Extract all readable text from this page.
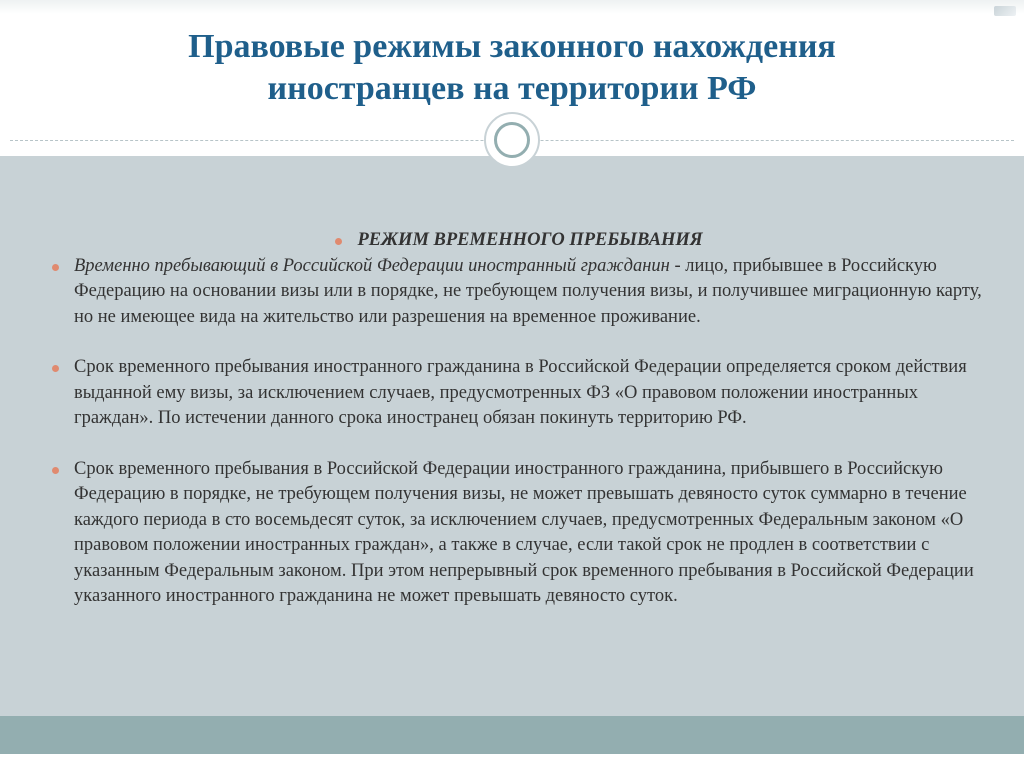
Правовые режимы законного нахождения
иностранцев на территории РФ
РЕЖИМ ВРЕМЕННОГО ПРЕБЫВАНИЯ
Временно пребывающий в Российской Федерации иностранный гражданин - лицо, прибывшее в Российскую Федерацию на основании визы или в порядке, не требующем получения визы, и получившее миграционную карту, но не имеющее вида на жительство или разрешения на временное проживание.
Срок временного пребывания иностранного гражданина в Российской Федерации определяется сроком действия выданной ему визы, за исключением случаев, предусмотренных ФЗ «О правовом положении иностранных граждан». По истечении данного срока иностранец обязан покинуть территорию РФ.
Срок временного пребывания в Российской Федерации иностранного гражданина, прибывшего в Российскую Федерацию в порядке, не требующем получения визы, не может превышать девяносто суток суммарно в течение каждого периода в сто восемьдесят суток, за исключением случаев, предусмотренных Федеральным законом «О правовом положении иностранных граждан», а также в случае, если такой срок не продлен в соответствии с указанным Федеральным законом. При этом непрерывный срок временного пребывания в Российской Федерации указанного иностранного гражданина не может превышать девяносто суток.
